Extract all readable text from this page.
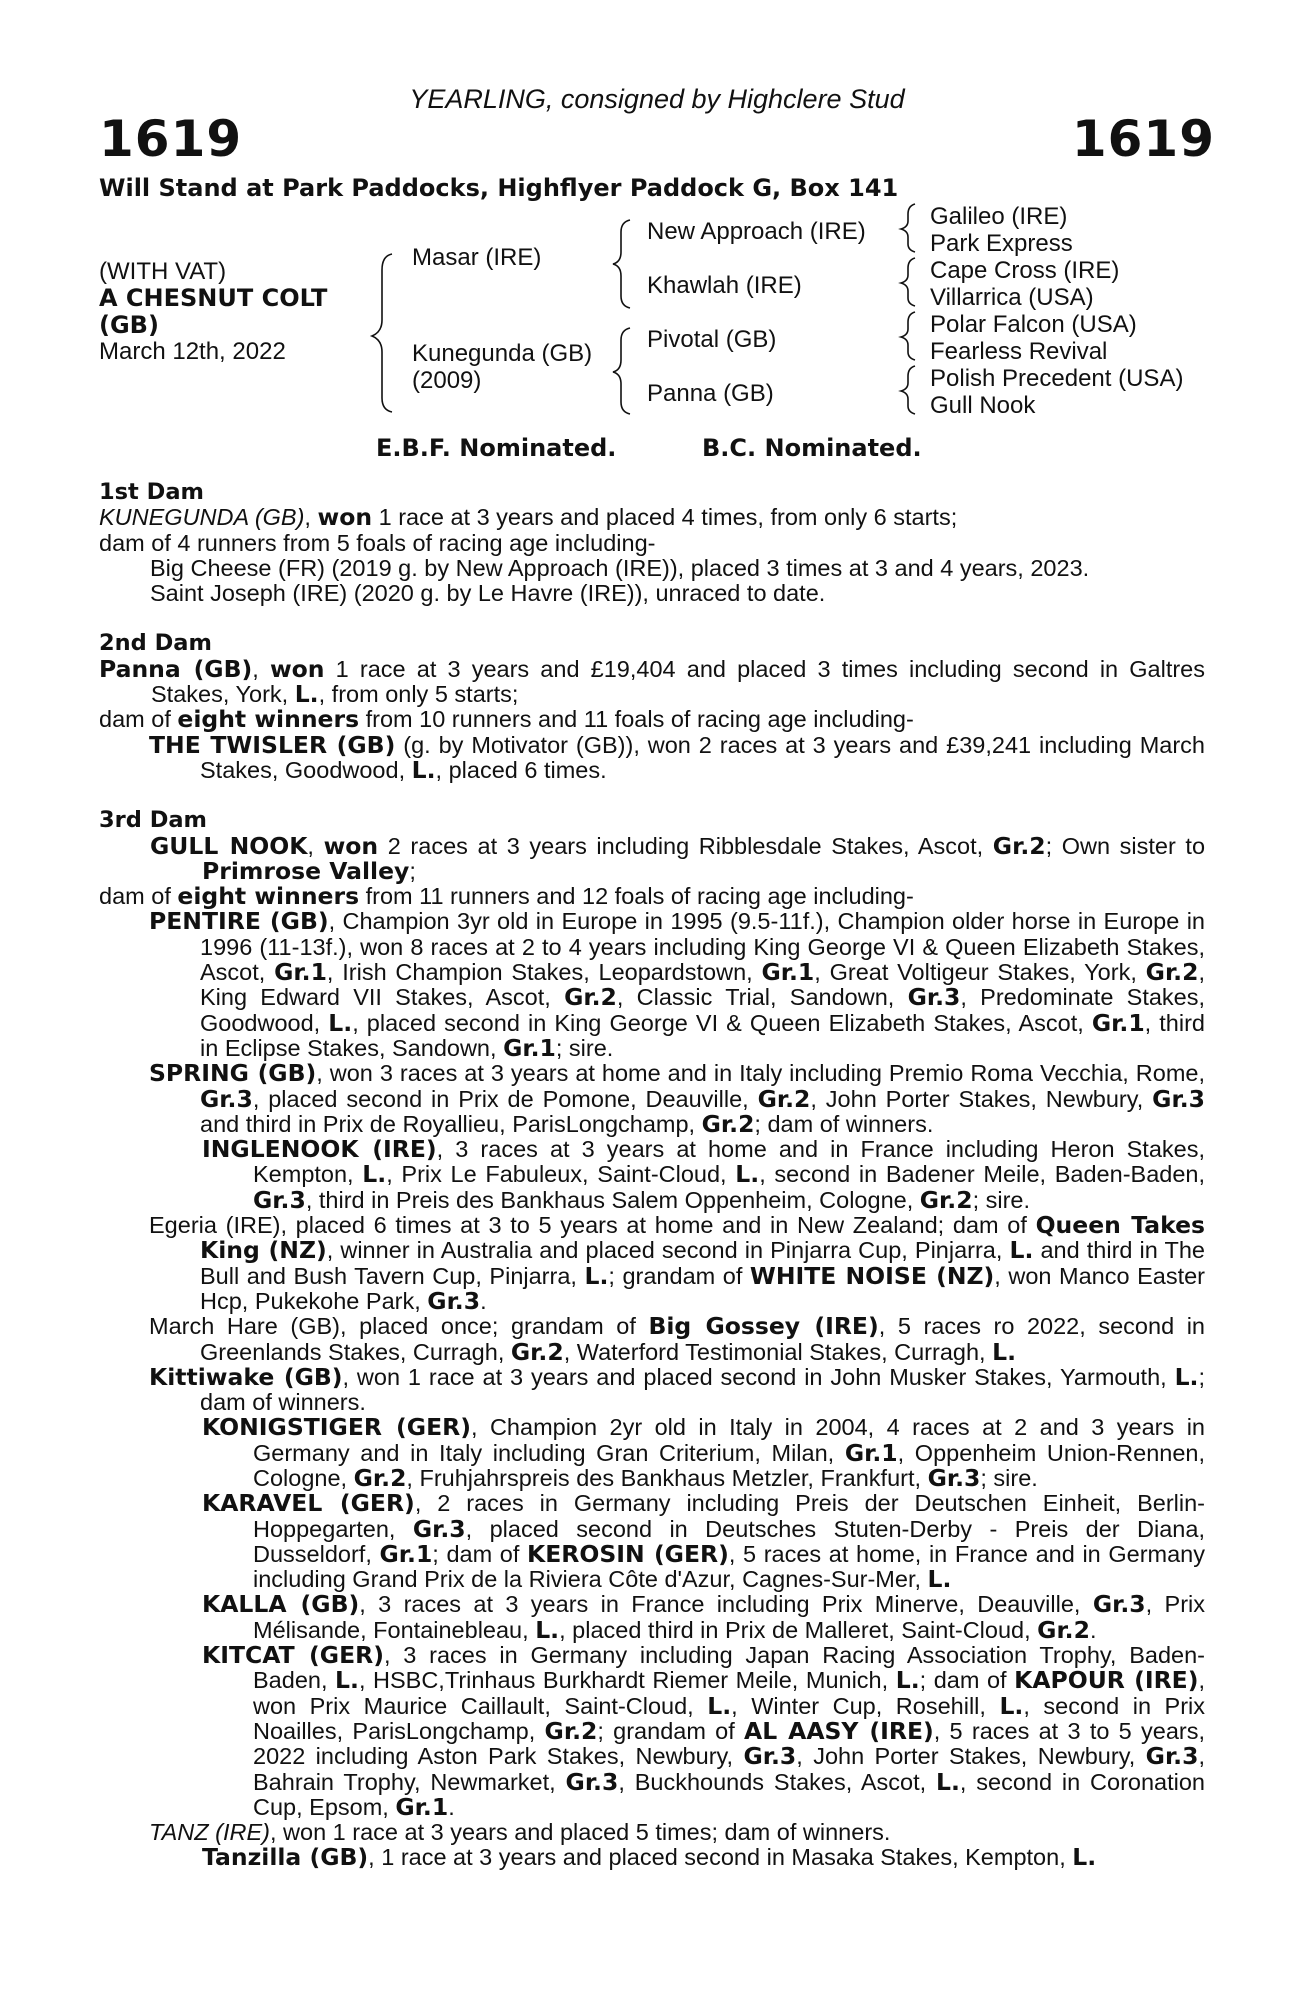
YEARLING, consigned by Highclere Stud
1619	1619
Will Stand at Park Paddocks, Highflyer Paddock G, Box 141
(WITH VAT)
A CHESNUT COLT
(GB)
March 12th, 2022
Masar (IRE)
Kunegunda (GB)
(2009)
New Approach (IRE)
Khawlah (IRE)
Pivotal (GB)
Panna (GB)
Galileo (IRE)
Park Express
Cape Cross (IRE)
Villarrica (USA)
Polar Falcon (USA)
Fearless Revival
Polish Precedent (USA)
Gull Nook
E.B.F. Nominated.	B.C. Nominated.
1st Dam
KUNEGUNDA (GB), won 1 race at 3 years and placed 4 times, from only 6 starts;
dam of 4 runners from 5 foals of racing age including-
Big Cheese (FR) (2019 g. by New Approach (IRE)), placed 3 times at 3 and 4 years, 2023.
Saint Joseph (IRE) (2020 g. by Le Havre (IRE)), unraced to date.
2nd Dam
Panna (GB), won 1 race at 3 years and £19,404 and placed 3 times including second in Galtres Stakes, York, L., from only 5 starts;
dam of eight winners from 10 runners and 11 foals of racing age including-
THE TWISLER (GB) (g. by Motivator (GB)), won 2 races at 3 years and £39,241 including March Stakes, Goodwood, L., placed 6 times.
3rd Dam
GULL NOOK, won 2 races at 3 years including Ribblesdale Stakes, Ascot, Gr.2; Own sister to Primrose Valley;
dam of eight winners from 11 runners and 12 foals of racing age including-
PENTIRE (GB), Champion 3yr old in Europe in 1995 (9.5-11f.), Champion older horse in Europe in 1996 (11-13f.), won 8 races at 2 to 4 years including King George VI & Queen Elizabeth Stakes, Ascot, Gr.1, Irish Champion Stakes, Leopardstown, Gr.1, Great Voltigeur Stakes, York, Gr.2, King Edward VII Stakes, Ascot, Gr.2, Classic Trial, Sandown, Gr.3, Predominate Stakes, Goodwood, L., placed second in King George VI & Queen Elizabeth Stakes, Ascot, Gr.1, third in Eclipse Stakes, Sandown, Gr.1; sire.
SPRING (GB), won 3 races at 3 years at home and in Italy including Premio Roma Vecchia, Rome, Gr.3, placed second in Prix de Pomone, Deauville, Gr.2, John Porter Stakes, Newbury, Gr.3 and third in Prix de Royallieu, ParisLongchamp, Gr.2; dam of winners.
INGLENOOK (IRE), 3 races at 3 years at home and in France including Heron Stakes, Kempton, L., Prix Le Fabuleux, Saint-Cloud, L., second in Badener Meile, Baden-Baden, Gr.3, third in Preis des Bankhaus Salem Oppenheim, Cologne, Gr.2; sire.
Egeria (IRE), placed 6 times at 3 to 5 years at home and in New Zealand; dam of Queen Takes King (NZ), winner in Australia and placed second in Pinjarra Cup, Pinjarra, L. and third in The Bull and Bush Tavern Cup, Pinjarra, L.; grandam of WHITE NOISE (NZ), won Manco Easter Hcp, Pukekohe Park, Gr.3.
March Hare (GB), placed once; grandam of Big Gossey (IRE), 5 races ro 2022, second in Greenlands Stakes, Curragh, Gr.2, Waterford Testimonial Stakes, Curragh, L.
Kittiwake (GB), won 1 race at 3 years and placed second in John Musker Stakes, Yarmouth, L.; dam of winners.
KONIGSTIGER (GER), Champion 2yr old in Italy in 2004, 4 races at 2 and 3 years in Germany and in Italy including Gran Criterium, Milan, Gr.1, Oppenheim Union-Rennen, Cologne, Gr.2, Fruhjahrspreis des Bankhaus Metzler, Frankfurt, Gr.3; sire.
KARAVEL (GER), 2 races in Germany including Preis der Deutschen Einheit, Berlin-Hoppegarten, Gr.3, placed second in Deutsches Stuten-Derby - Preis der Diana, Dusseldorf, Gr.1; dam of KEROSIN (GER), 5 races at home, in France and in Germany including Grand Prix de la Riviera Côte d'Azur, Cagnes-Sur-Mer, L.
KALLA (GB), 3 races at 3 years in France including Prix Minerve, Deauville, Gr.3, Prix Mélisande, Fontainebleau, L., placed third in Prix de Malleret, Saint-Cloud, Gr.2.
KITCAT (GER), 3 races in Germany including Japan Racing Association Trophy, Baden-Baden, L., HSBC,Trinhaus Burkhardt Riemer Meile, Munich, L.; dam of KAPOUR (IRE), won Prix Maurice Caillault, Saint-Cloud, L., Winter Cup, Rosehill, L., second in Prix Noailles, ParisLongchamp, Gr.2; grandam of AL AASY (IRE), 5 races at 3 to 5 years, 2022 including Aston Park Stakes, Newbury, Gr.3, John Porter Stakes, Newbury, Gr.3, Bahrain Trophy, Newmarket, Gr.3, Buckhounds Stakes, Ascot, L., second in Coronation Cup, Epsom, Gr.1.
TANZ (IRE), won 1 race at 3 years and placed 5 times; dam of winners.
Tanzilla (GB), 1 race at 3 years and placed second in Masaka Stakes, Kempton, L.
